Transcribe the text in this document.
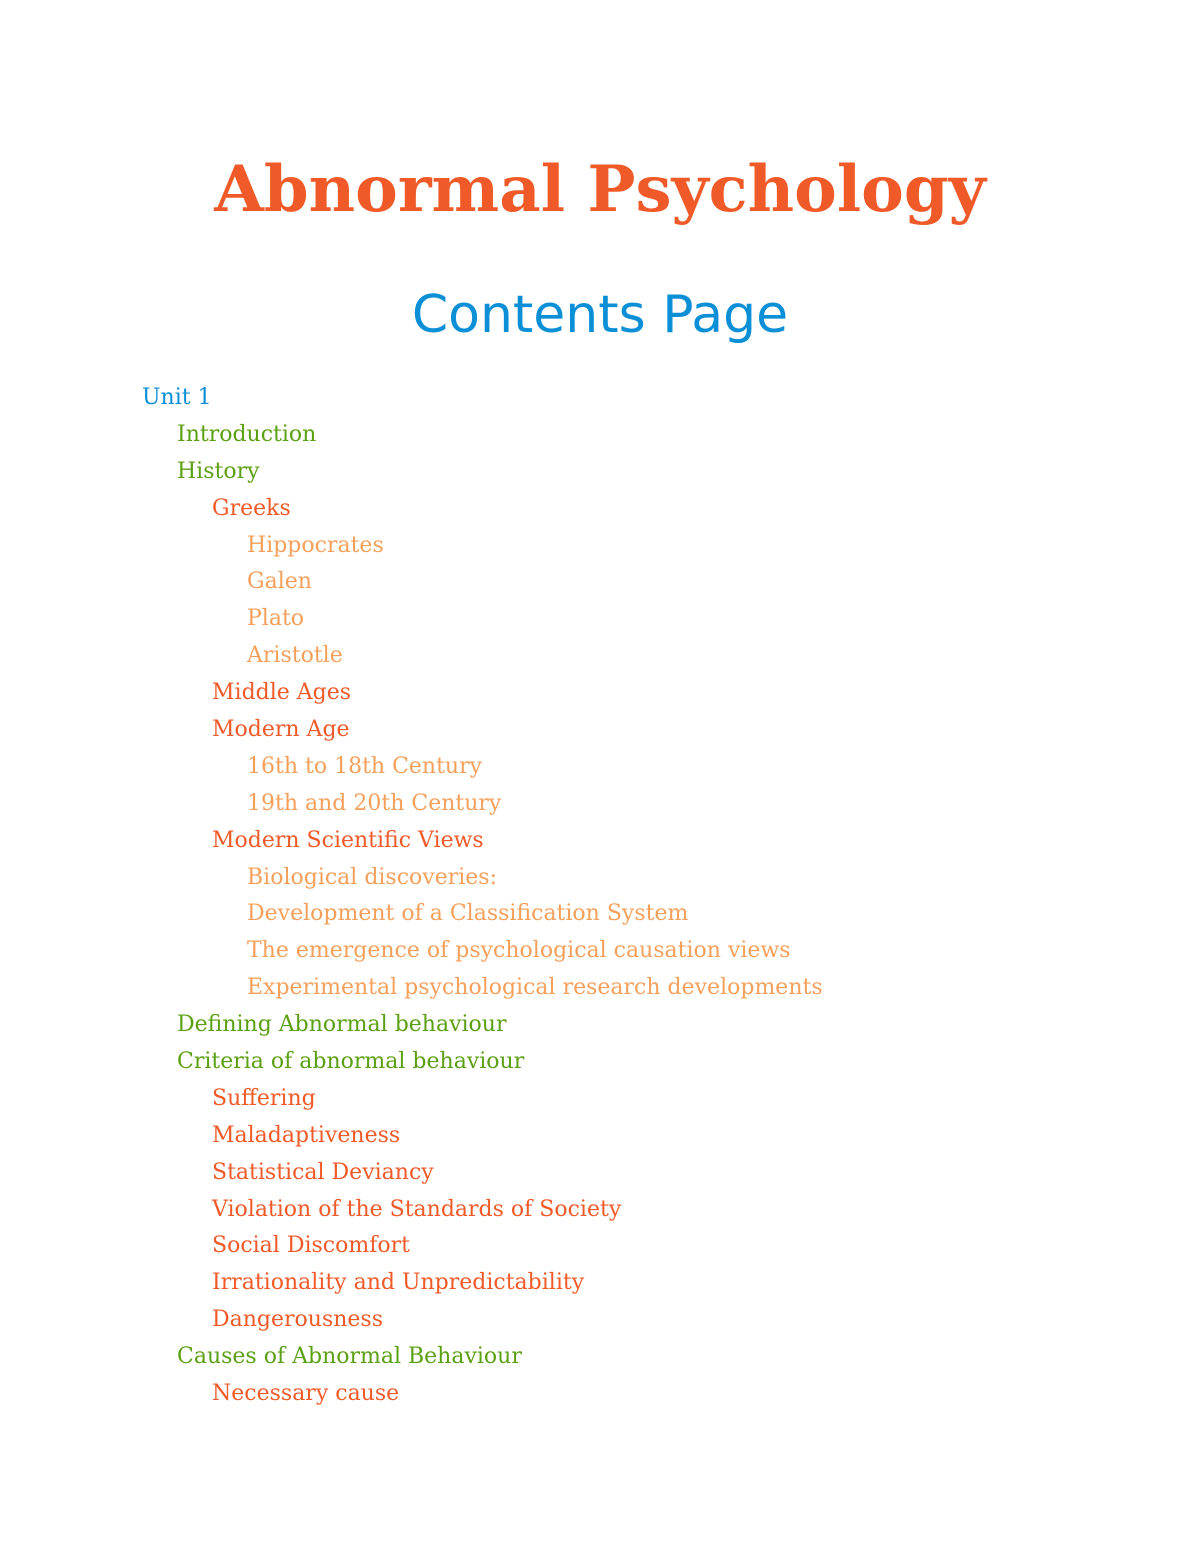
Abnormal Psychology
Contents Page
Unit 1
Introduction
History
Greeks
Hippocrates
Galen
Plato
Aristotle
Middle Ages
Modern Age
16th to 18th Century
19th and 20th Century
Modern Scientific Views
Biological discoveries:
Development of a Classification System
The emergence of psychological causation views
Experimental psychological research developments
Defining Abnormal behaviour
Criteria of abnormal behaviour
Suffering
Maladaptiveness
Statistical Deviancy
Violation of the Standards of Society
Social Discomfort
Irrationality and Unpredictability
Dangerousness
Causes of Abnormal Behaviour
Necessary cause
